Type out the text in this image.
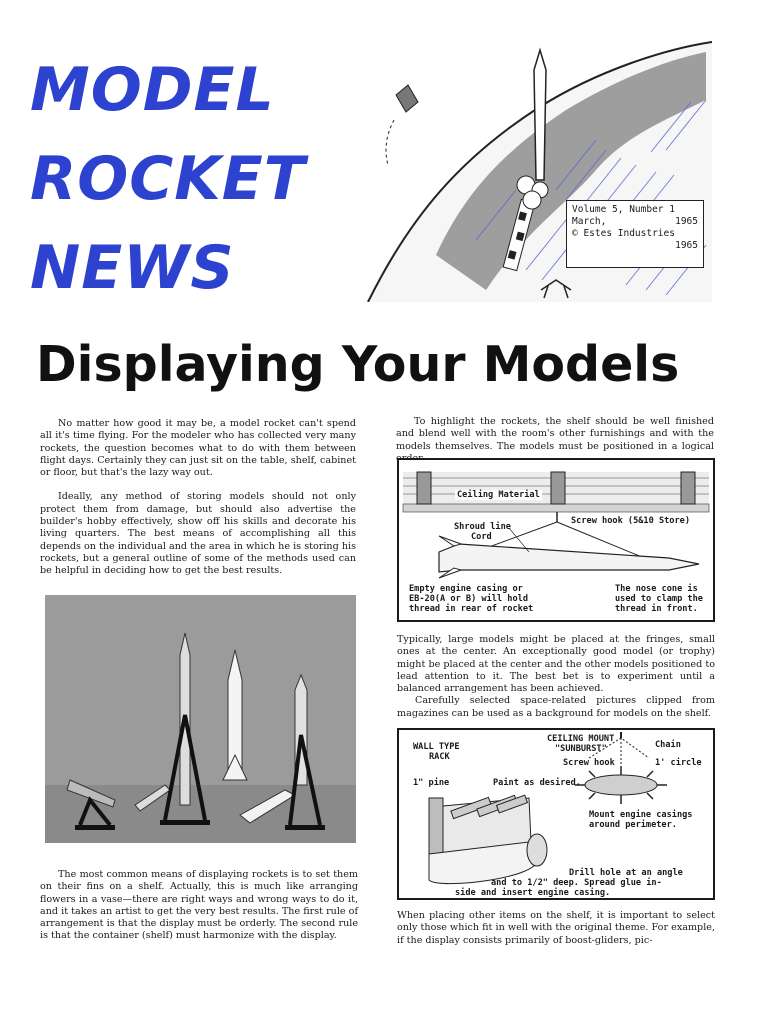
MODEL
ROCKET
NEWS
Volume 5, Number 1
March,	1965
© Estes Industries
1965
Displaying Your Models

No matter how good it may be, a model rocket can't spend all it's time flying. For the modeler who has collected very many rockets, the question becomes what to do with them between flight days. Certainly they can just sit on the table, shelf, cabinet or floor, but that's the lazy way out.

Ideally, any method of storing models should not only protect them from damage, but should also advertise the builder's hobby effectively, show off his skills and decorate his living quarters. The best means of accomplishing all this depends on the individual and the area in which he is storing his rockets, but a general outline of some of the methods used can be helpful in deciding how to get the best results.

The most common means of displaying rockets is to set them on their fins on a shelf. Actually, this is much like arranging flowers in a vase—there are right ways and wrong ways to do it, and it takes an artist to get the very best results. The first rule of arrangement is that the display must be orderly. The second rule is that the container (shelf) must harmonize with the display.

To highlight the rockets, the shelf should be well finished and blend well with the room's other furnishings and with the models themselves. The models must be positioned in a logical

Ceiling Material
Screw hook (5&10 Store)
Shroud line
Cord
Empty engine casing or
EB-20(A or B) will hold
thread in rear of rocket
The nose cone is
used to clamp the
thread in front.

Typically, large models might be placed at the fringes, small ones at the center. An exceptionally good model (or trophy) might be placed at the center and the other models positioned to lead attention to it. The best bet is to experiment until a balanced arrangement has been achieved.

Carefully selected space-related pictures clipped from magazines can be used as a background for models on the shelf.

WALL TYPE
RACK
CEILING MOUNT
"SUNBURST"	Chain
Screw hook	1' circle
1" pine	Paint as desired.
Mount engine casings
around perimeter.
Drill hole at an angle
and to 1/2" deep. Spread glue in-
side and insert engine casing.

When placing other items on the shelf, it is important to select only those which fit in well with the original theme. For example, if the display consists primarily of boost-gliders, pic-
